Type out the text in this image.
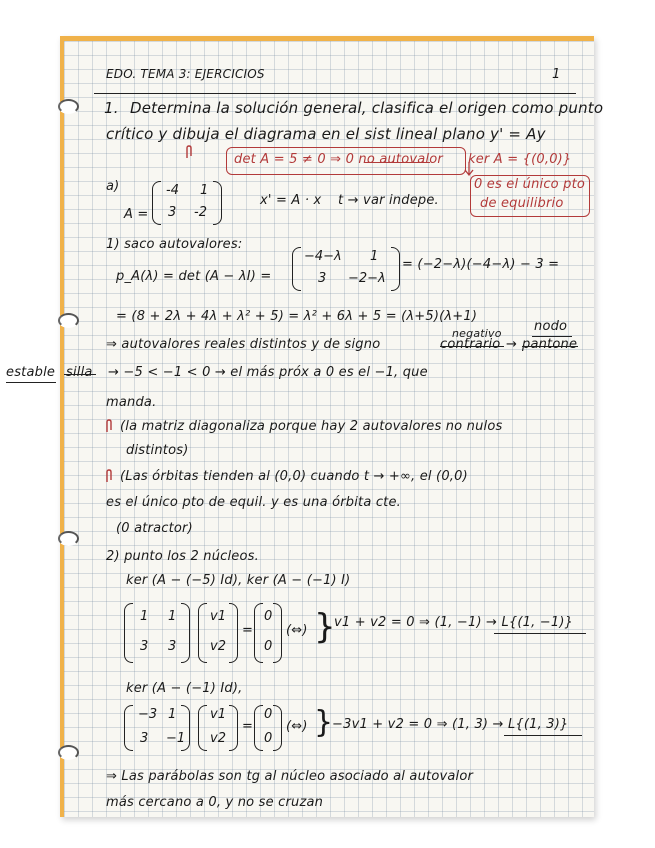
EDO. TEMA 3: EJERCICIOS	1
1. Determina la solución general, clasifica el origen como punto
crítico y dibuja el diagrama en el sist lineal plano y' = Ay
det A = 5 ≠ 0 ⇒ 0 no autovalor ker A = {(0,0)}
0 es el único pto
de equilibrio
a)
A =
-4 1
3 -2
x' = A · x t → var indepe.
1) saco autovalores:
p_A(λ) = det (A − λI) =
−4−λ 1
3 −2−λ
= (−2−λ)(−4−λ) − 3 =
= (8 + 2λ + 4λ + λ² + 5) = λ² + 6λ + 5 = (λ+5)(λ+1)
negativo nodo
⇒ autovalores reales distintos y de signo	contrario → pantone
estable silla → −5 < −1 < 0 → el más próx a 0 es el −1, que
manda.
(la matriz diagonaliza porque hay 2 autovalores no nulos
distintos)
(Las órbitas tienden al (0,0) cuando t → +∞, el (0,0)
es el único pto de equil. y es una órbita cte.
(0 atractor)
2) punto los 2 núcleos.
ker (A − (−5) Id), ker (A − (−1) I)
1 1
3 3
v1
v2
=
0
0
(⇔) }
v1 + v2 = 0 ⇒ (1, −1) → L{(1, −1)}
ker (A − (−1) Id),
−3 1
3 −1
v1
v2
=
0
0
(⇔) }
−3v1 + v2 = 0 ⇒ (1, 3) → L{(1, 3)}
⇒ Las parábolas son tg al núcleo asociado al autovalor
más cercano a 0, y no se cruzan
